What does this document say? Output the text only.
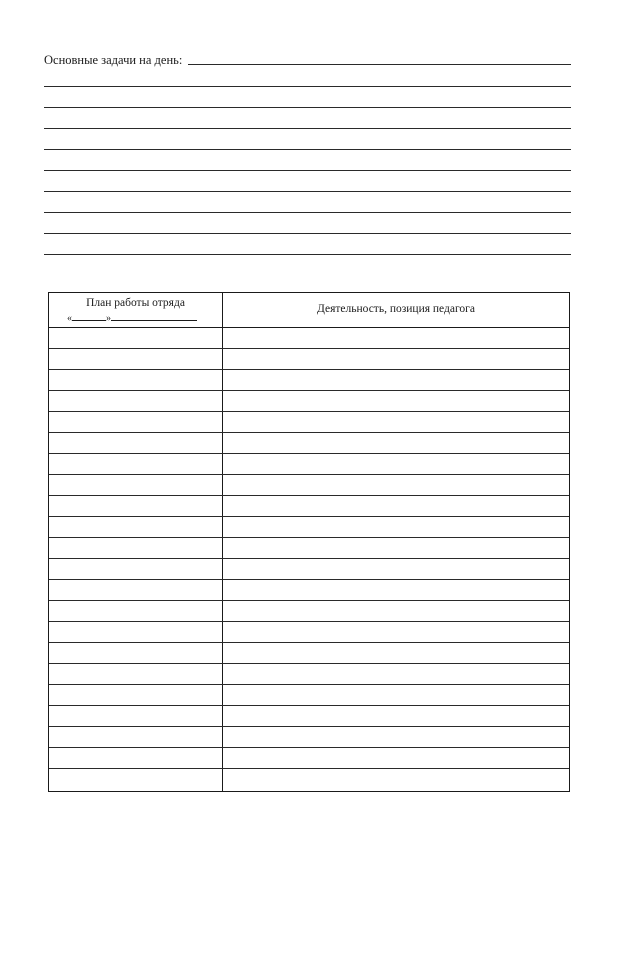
Основные задачи на день:
План работы отряда
«	»
Деятельность, позиция педагога
